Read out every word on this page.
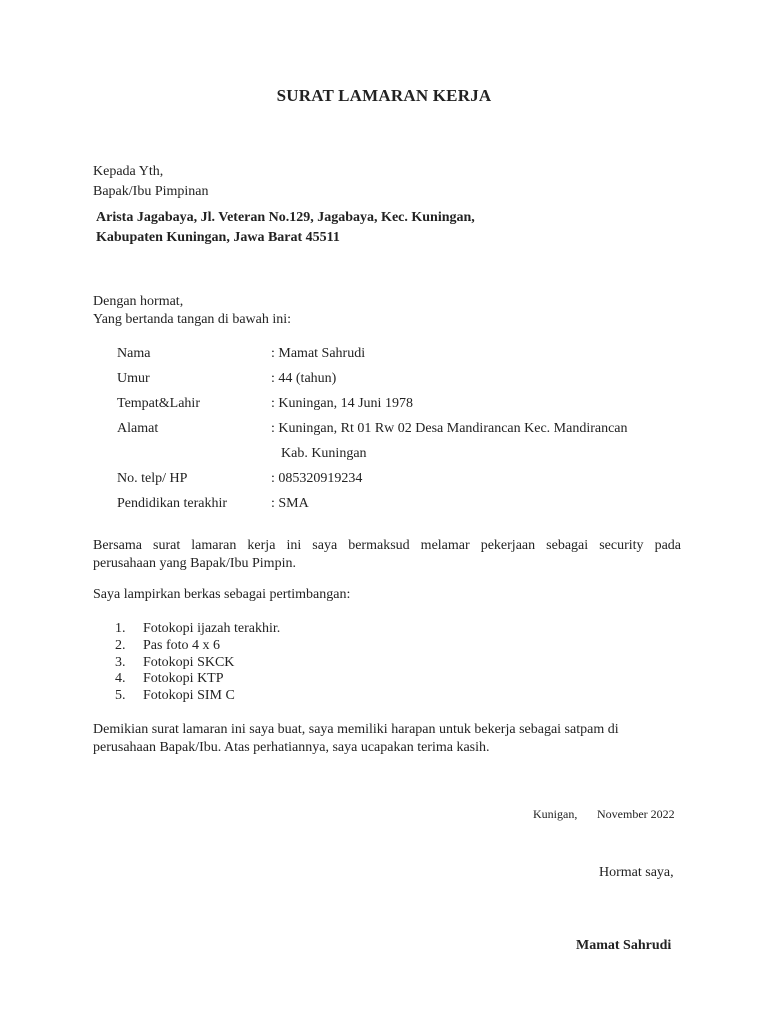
SURAT LAMARAN KERJA
Kepada Yth,
Bapak/Ibu Pimpinan
Arista Jagabaya, Jl. Veteran No.129, Jagabaya, Kec. Kuningan,
Kabupaten Kuningan, Jawa Barat 45511
Dengan hormat,
Yang bertanda tangan di bawah ini:
Nama	: Mamat Sahrudi
Umur	: 44 (tahun)
Tempat&Lahir	: Kuningan, 14 Juni 1978
Alamat	: Kuningan, Rt 01 Rw 02 Desa Mandirancan Kec. Mandirancan
Kab. Kuningan
No. telp/ HP	: 085320919234
Pendidikan terakhir	: SMA
Bersama surat lamaran kerja ini saya bermaksud melamar pekerjaan sebagai security pada
perusahaan yang Bapak/Ibu Pimpin.
Saya lampirkan berkas sebagai pertimbangan:
1. Fotokopi ijazah terakhir.
2. Pas foto 4 x 6
3. Fotokopi SKCK
4. Fotokopi KTP
5. Fotokopi SIM C
Demikian surat lamaran ini saya buat, saya memiliki harapan untuk bekerja sebagai satpam di
perusahaan Bapak/Ibu. Atas perhatiannya, saya ucapakan terima kasih.
Kunigan, November 2022
Hormat saya,
Mamat Sahrudi
